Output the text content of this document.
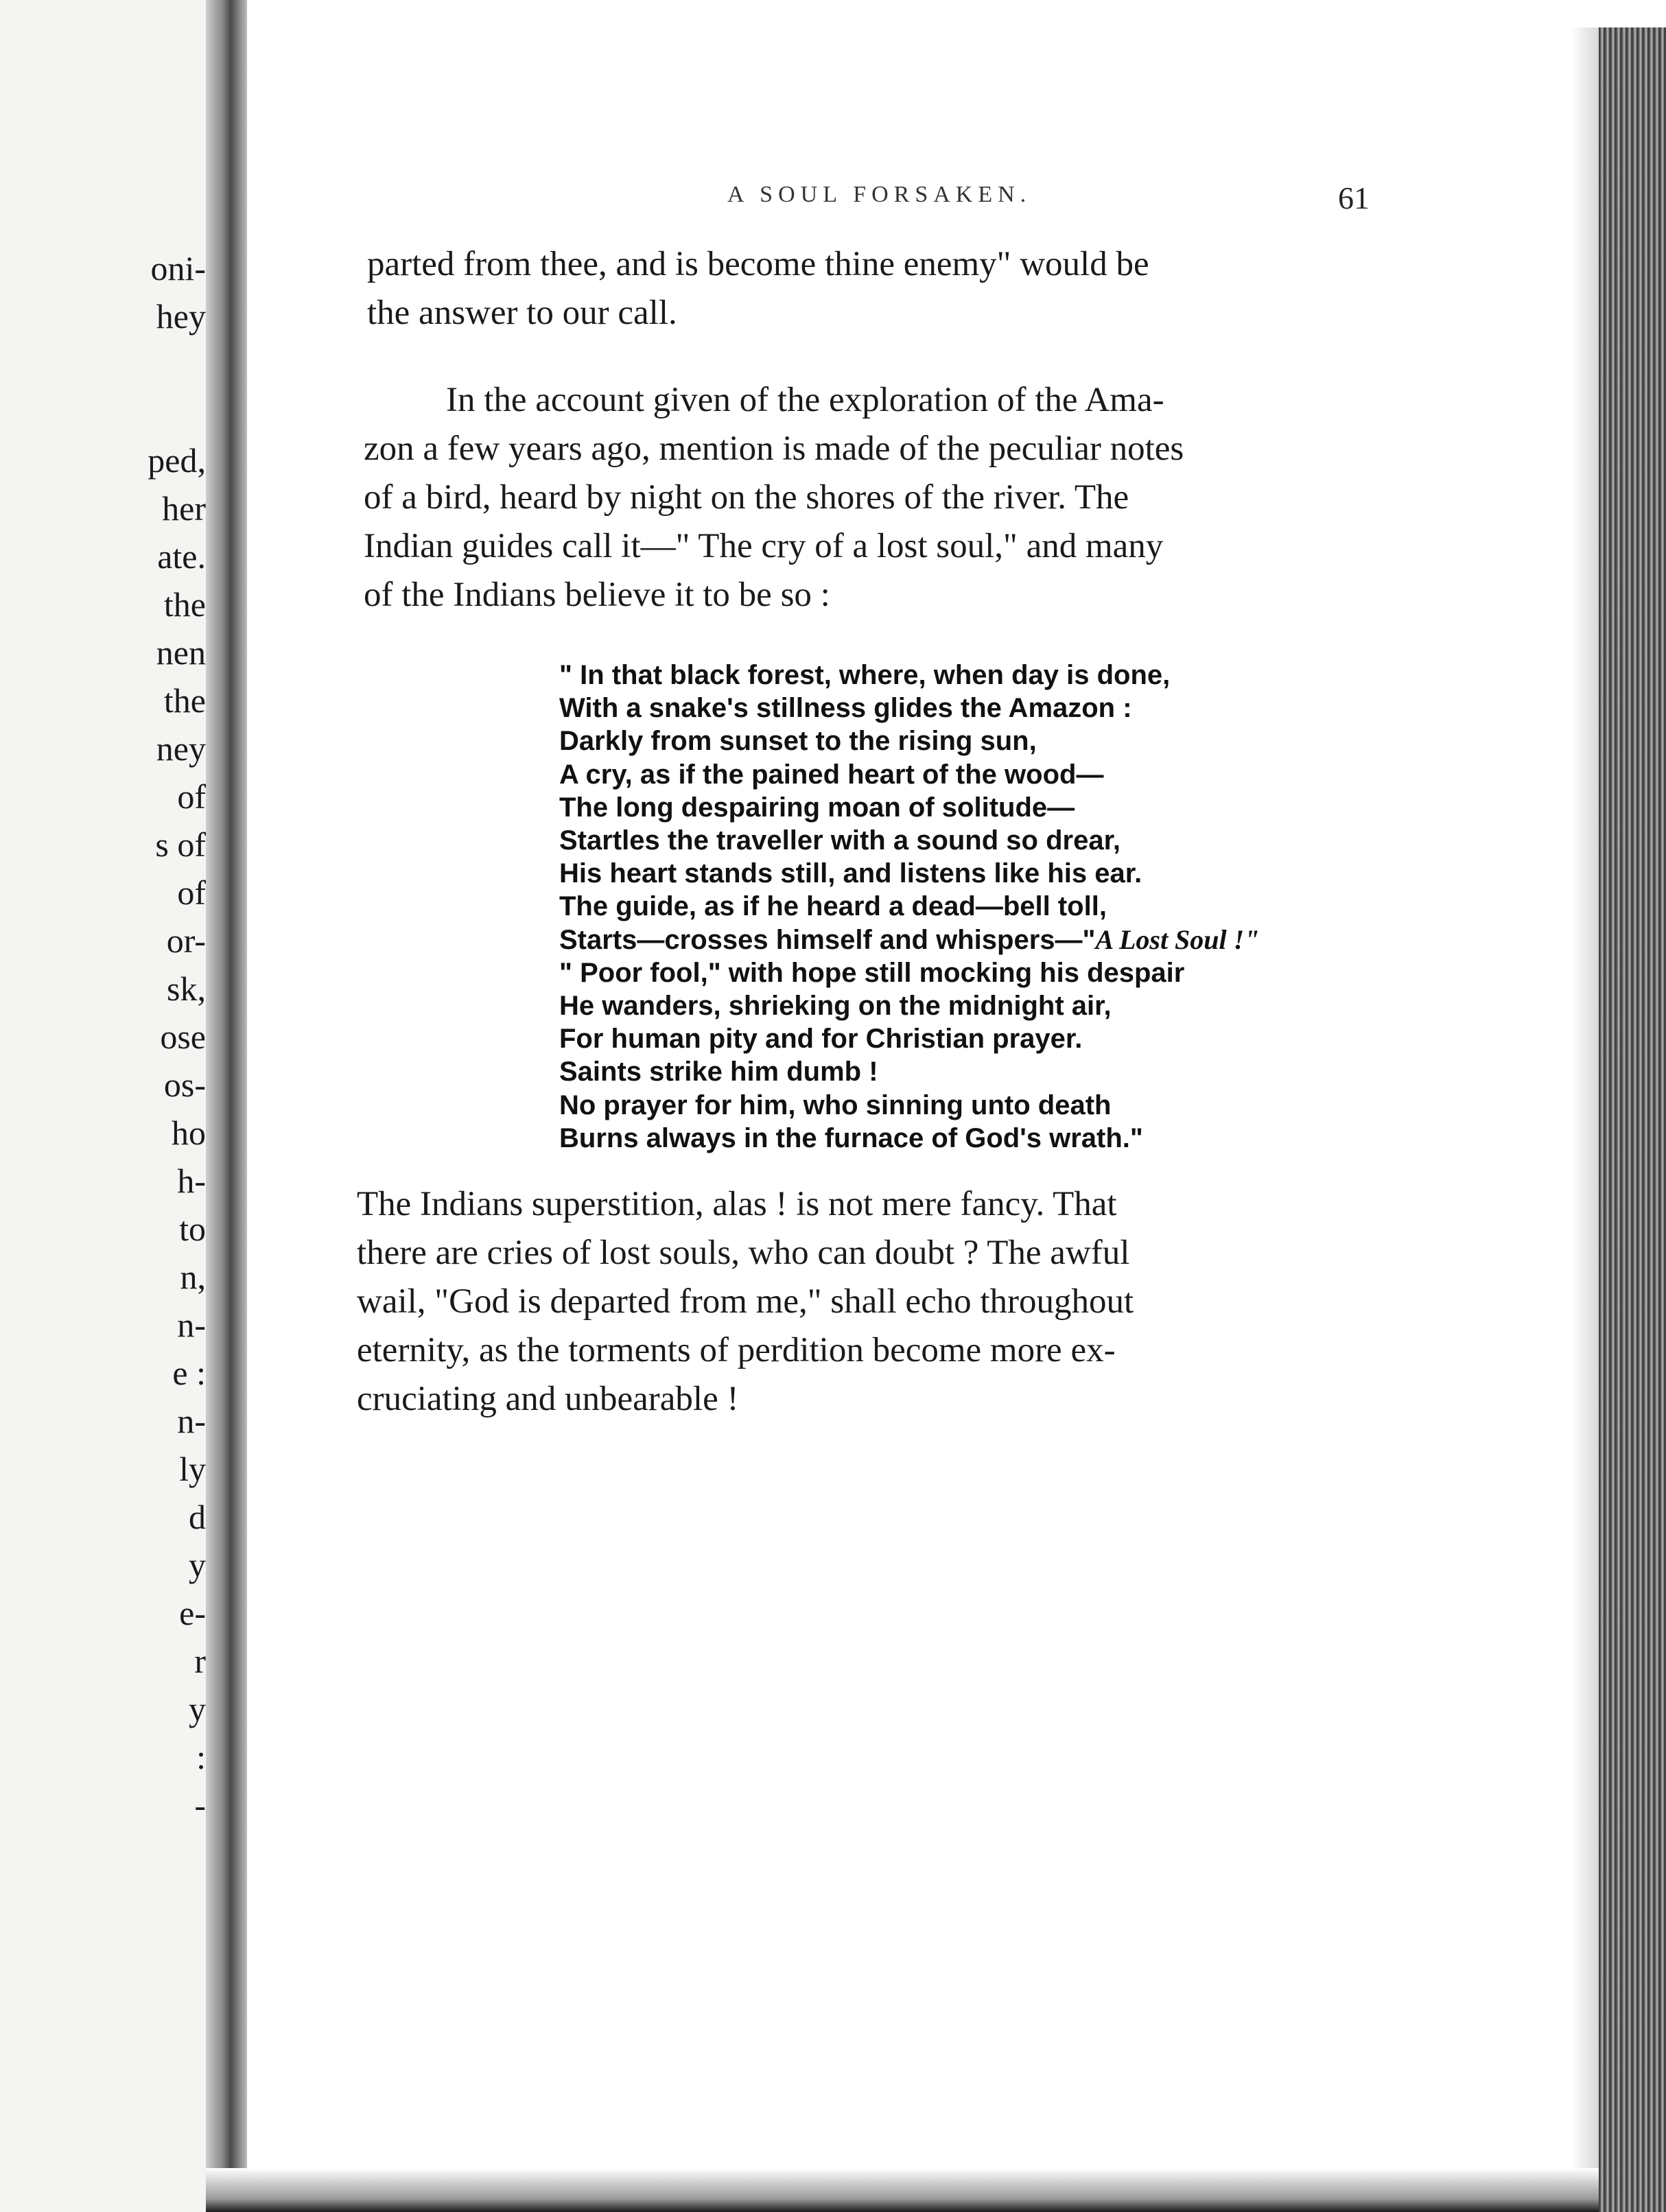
oni-
hey
ped,
her
ate.
the
nen
the
ney
of
s of
of
or-
sk,
ose
os-
ho
h-
to
n,
n-
e :
n-
ly
d
y
e-
r
y
:
-
A SOUL FORSAKEN.	61
parted from thee, and is become thine enemy" would be
the answer to our call.
In the account given of the exploration of the Ama-
zon a few years ago, mention is made of the peculiar notes
of a bird, heard by night on the shores of the river. The
Indian guides call it—" The cry of a lost soul," and many
of the Indians believe it to be so :
" In that black forest, where, when day is done,
With a snake's stillness glides the Amazon :
Darkly from sunset to the rising sun,
A cry, as if the pained heart of the wood—
The long despairing moan of solitude—
Startles the traveller with a sound so drear,
His heart stands still, and listens like his ear.
The guide, as if he heard a dead—bell toll,
Starts—crosses himself and whispers—"A Lost Soul !"
" Poor fool," with hope still mocking his despair
He wanders, shrieking on the midnight air,
For human pity and for Christian prayer.
Saints strike him dumb !
No prayer for him, who sinning unto death
Burns always in the furnace of God's wrath."
The Indians superstition, alas ! is not mere fancy. That
there are cries of lost souls, who can doubt ? The awful
wail, "God is departed from me," shall echo throughout
eternity, as the torments of perdition become more ex-
cruciating and unbearable !
